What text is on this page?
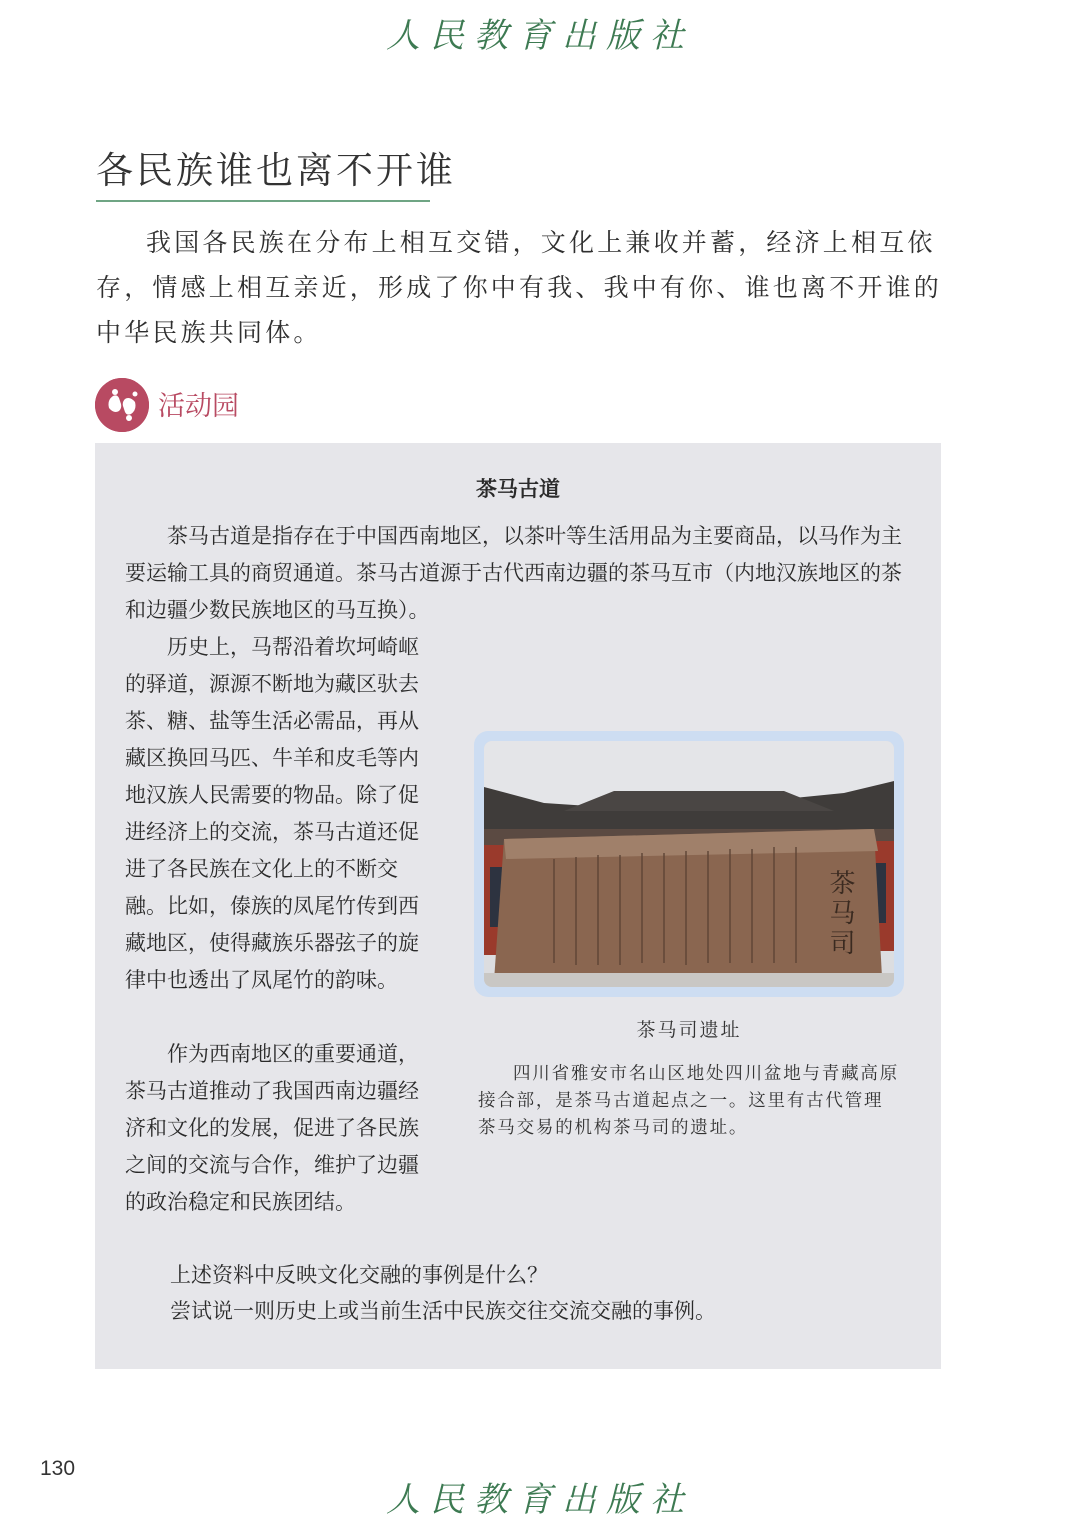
人民教育出版社
各民族谁也离不开谁

我国各民族在分布上相互交错，文化上兼收并蓄，经济上相互依存，情感上相互亲近，形成了你中有我、我中有你、谁也离不开谁的中华民族共同体。

活动园
茶马古道

茶马古道是指存在于中国西南地区，以茶叶等生活用品为主要商品，以马作为主要运输工具的商贸通道。茶马古道源于古代西南边疆的茶马互市（内地汉族地区的茶和边疆少数民族地区的马互换）。

历史上，马帮沿着坎坷崎岖的驿道，源源不断地为藏区驮去茶、糖、盐等生活必需品，再从藏区换回马匹、牛羊和皮毛等内地汉族人民需要的物品。除了促进经济上的交流，茶马古道还促进了各民族在文化上的不断交融。比如，傣族的凤尾竹传到西藏地区，使得藏族乐器弦子的旋律中也透出了凤尾竹的韵味。

作为西南地区的重要通道，茶马古道推动了我国西南边疆经济和文化的发展，促进了各民族之间的交流与合作，维护了边疆的政治稳定和民族团结。

茶马司
茶马司遗址

四川省雅安市名山区地处四川盆地与青藏高原接合部，是茶马古道起点之一。这里有古代管理茶马交易的机构茶马司的遗址。

上述资料中反映文化交融的事例是什么？

尝试说一则历史上或当前生活中民族交往交流交融的事例。

130
人民教育出版社
